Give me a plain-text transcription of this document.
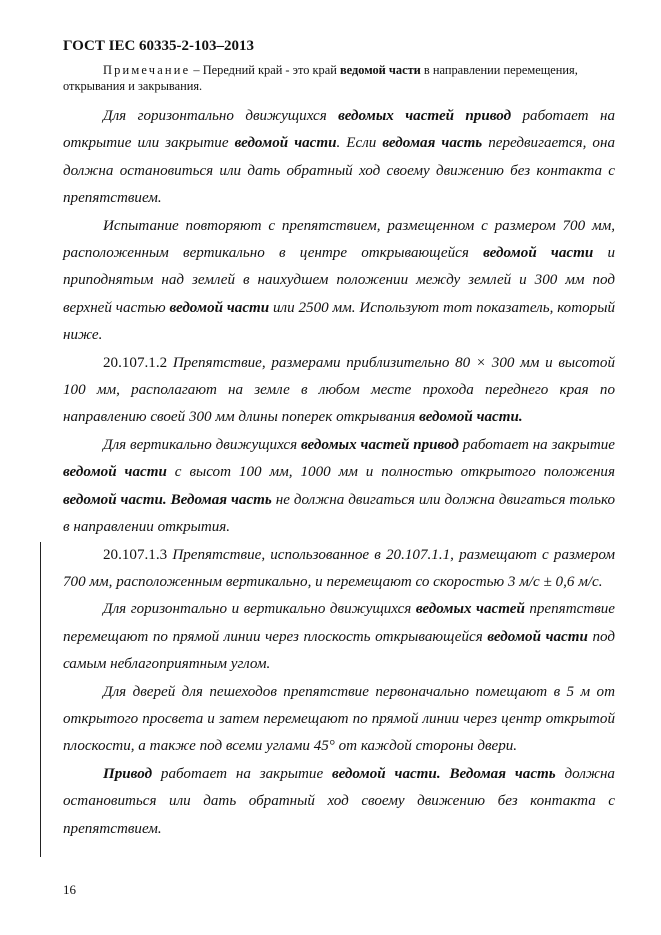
ГОСТ IEC 60335-2-103–2013
Примечание – Передний край - это край ведомой части в направлении перемещения, открывания и закрывания.

Для горизонтально движущихся ведомых частей привод работает на открытие или закрытие ведомой части. Если ведомая часть передвигается, она должна остановиться или дать обратный ход своему движению без контакта с препятствием.

Испытание повторяют с препятствием, размещенном с размером 700 мм, расположенным вертикально в центре открывающейся ведомой части и приподнятым над землей в наихудшем положении между землей и 300 мм под верхней частью ведомой части или 2500 мм. Используют тот показатель, который ниже.

20.107.1.2 Препятствие, размерами приблизительно 80 × 300 мм и высотой 100 мм, располагают на земле в любом месте прохода переднего края по направлению своей 300 мм длины поперек открывания ведомой части.

Для вертикально движущихся ведомых частей привод работает на закрытие ведомой части с высот 100 мм, 1000 мм и полностью открытого положения ведомой части. Ведомая часть не должна двигаться или должна двигаться только в направлении открытия.

20.107.1.3 Препятствие, использованное в 20.107.1.1, размещают с размером 700 мм, расположенным вертикально, и перемещают со скоростью 3 м/с ± 0,6 м/с.

Для горизонтально и вертикально движущихся ведомых частей препятствие перемещают по прямой линии через плоскость открывающейся ведомой части под самым неблагоприятным углом.

Для дверей для пешеходов препятствие первоначально помещают в 5 м от открытого просвета и затем перемещают по прямой линии через центр открытой плоскости, а также под всеми углами 45° от каждой стороны двери.

Привод работает на закрытие ведомой части. Ведомая часть должна остановиться или дать обратный ход своему движению без контакта с препятствием.

16
